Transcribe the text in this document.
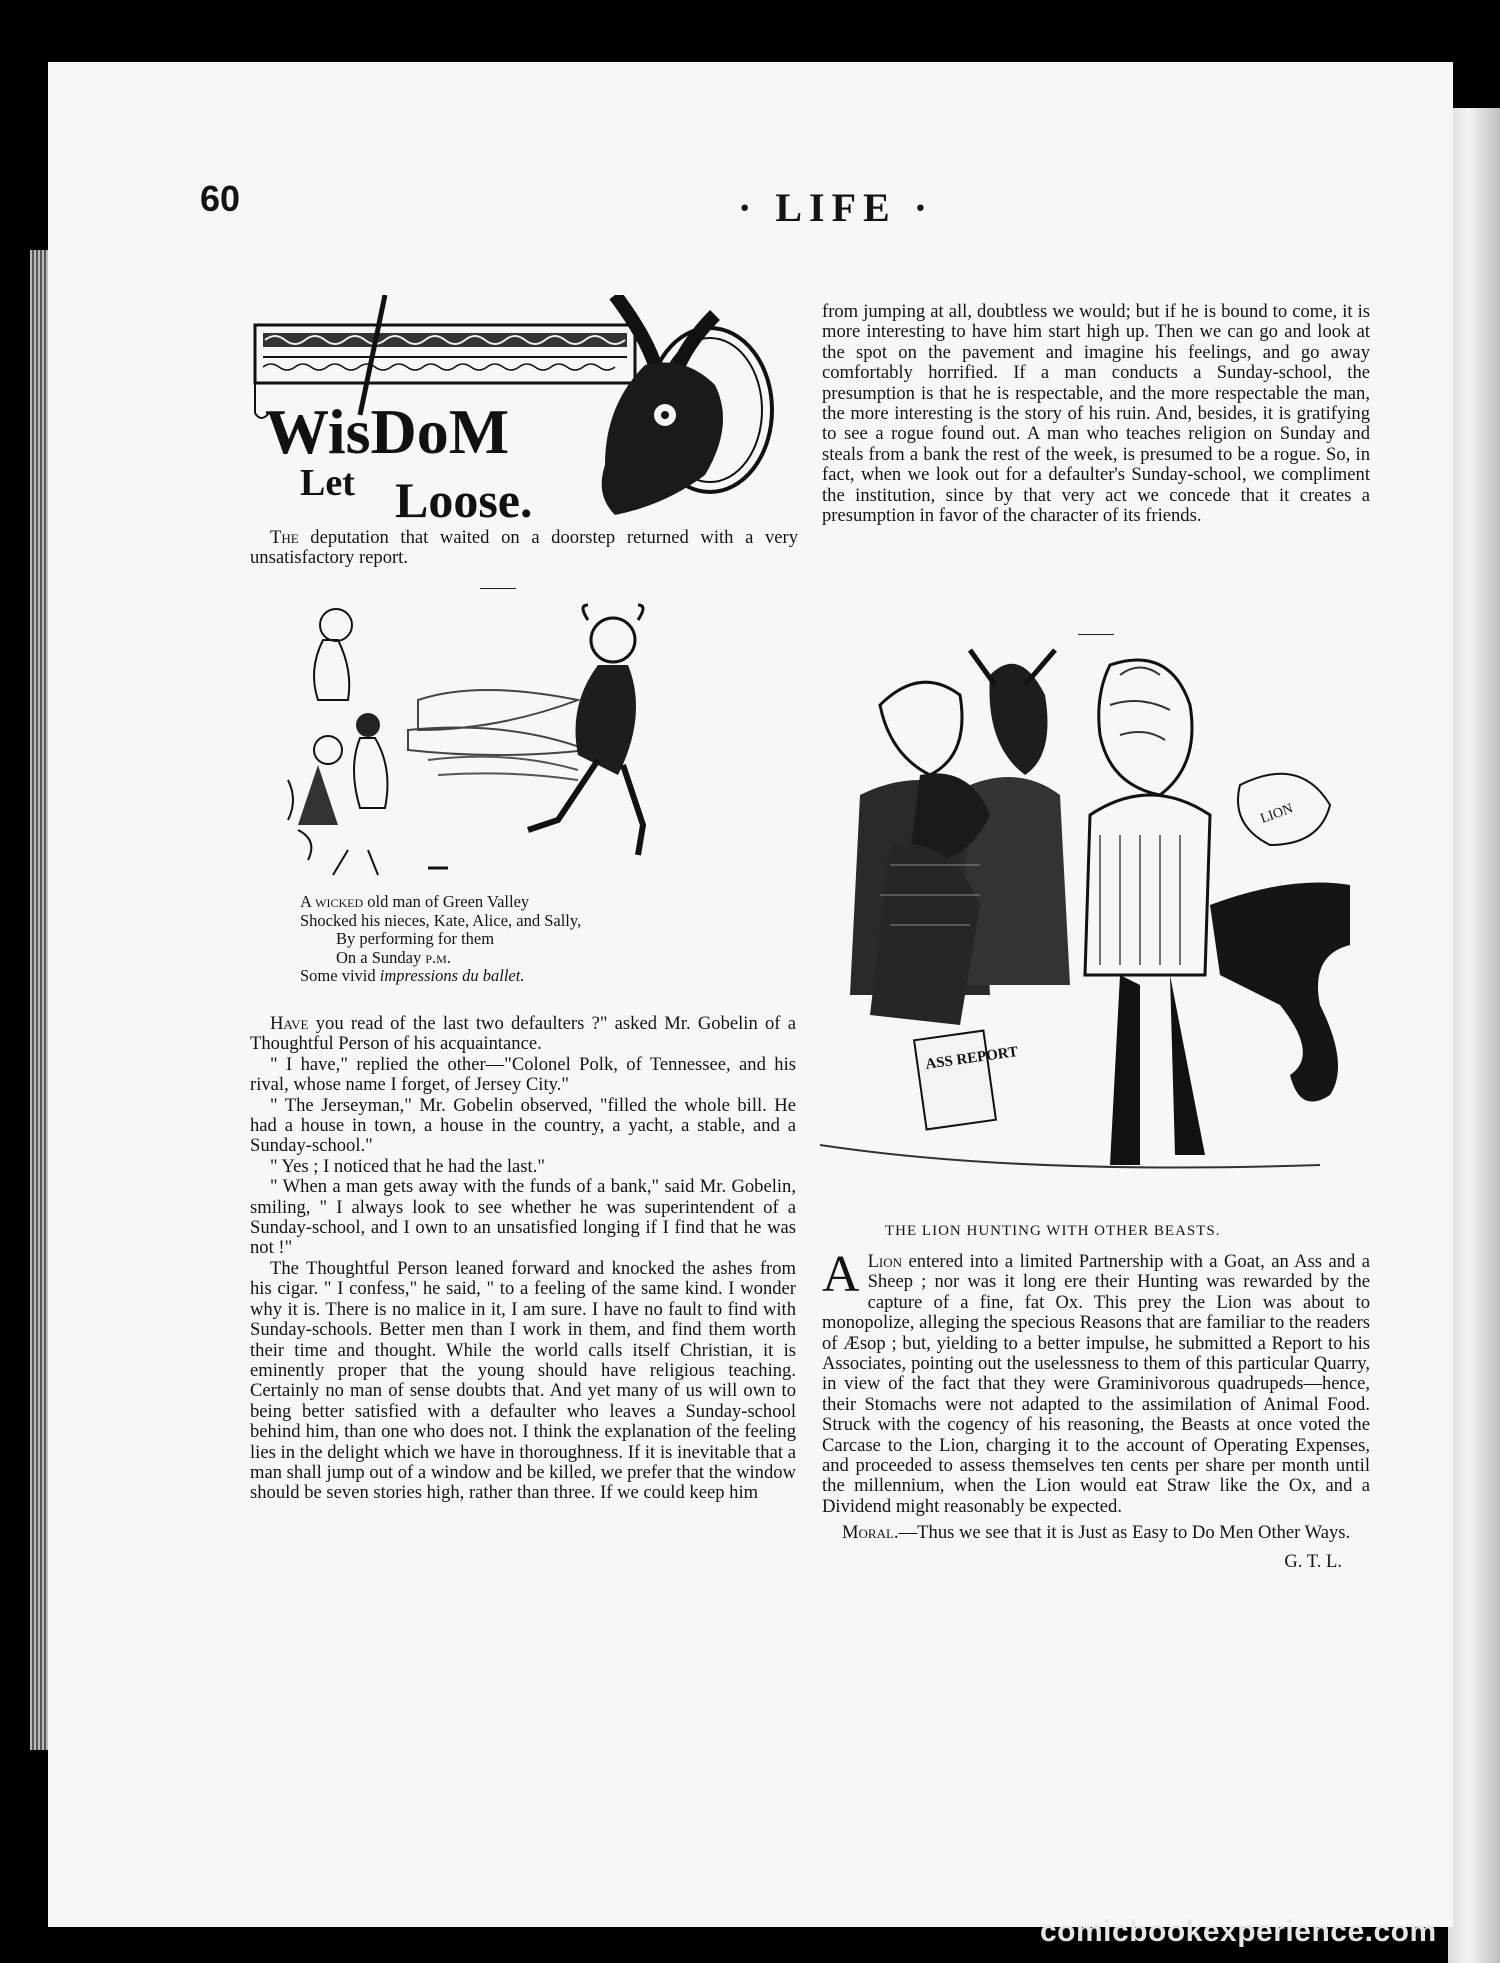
60	· LIFE ·
WisDoM
Let Loose.

The deputation that waited on a doorstep returned with a very unsatisfactory report.

A wicked old man of Green Valley
Shocked his nieces, Kate, Alice, and Sally,
By performing for them
On a Sunday p.m.
Some vivid impressions du ballet.

Have you read of the last two defaulters ?" asked Mr. Gobelin of a Thoughtful Person of his acquaintance.

" I have," replied the other—"Colonel Polk, of Tennessee, and his rival, whose name I forget, of Jersey City."

" The Jerseyman," Mr. Gobelin observed, "filled the whole bill. He had a house in town, a house in the country, a yacht, a stable, and a Sunday-school."

" Yes ; I noticed that he had the last."

" When a man gets away with the funds of a bank," said Mr. Gobelin, smiling, " I always look to see whether he was superintendent of a Sunday-school, and I own to an unsatisfied longing if I find that he was not !"

The Thoughtful Person leaned forward and knocked the ashes from his cigar. " I confess," he said, " to a feeling of the same kind. I wonder why it is. There is no malice in it, I am sure. I have no fault to find with Sunday-schools. Better men than I work in them, and find them worth their time and thought. While the world calls itself Christian, it is eminently proper that the young should have religious teaching. Certainly no man of sense doubts that. And yet many of us will own to being better satisfied with a defaulter who leaves a Sunday-school behind him, than one who does not. I think the explanation of the feeling lies in the delight which we have in thoroughness. If it is inevitable that a man shall jump out of a window and be killed, we prefer that the window should be seven stories high, rather than three. If we could keep him

from jumping at all, doubtless we would; but if he is bound to come, it is more interesting to have him start high up. Then we can go and look at the spot on the pavement and imagine his feelings, and go away comfortably horrified. If a man conducts a Sunday-school, the presumption is that he is respectable, and the more respectable the man, the more interesting is the story of his ruin. And, besides, it is gratifying to see a rogue found out. A man who teaches religion on Sunday and steals from a bank the rest of the week, is presumed to be a rogue. So, in fact, when we look out for a defaulter's Sunday-school, we compliment the institution, since by that very act we concede that it creates a presumption in favor of the character of its friends.

ASS REPORT
LION
THE LION HUNTING WITH OTHER BEASTS.

A Lion entered into a limited Partnership with a Goat, an Ass and a Sheep ; nor was it long ere their Hunting was rewarded by the capture of a fine, fat Ox. This prey the Lion was about to monopolize, alleging the specious Reasons that are familiar to the readers of Æsop ; but, yielding to a better impulse, he submitted a Report to his Associates, pointing out the uselessness to them of this particular Quarry, in view of the fact that they were Graminivorous quadrupeds—hence, their Stomachs were not adapted to the assimilation of Animal Food. Struck with the cogency of his reasoning, the Beasts at once voted the Carcase to the Lion, charging it to the account of Operating Expenses, and proceeded to assess themselves ten cents per share per month until the millennium, when the Lion would eat Straw like the Ox, and a Dividend might reasonably be expected.

Moral.—Thus we see that it is Just as Easy to Do Men Other Ways.

G. T. L.
comicbookexperience.com
